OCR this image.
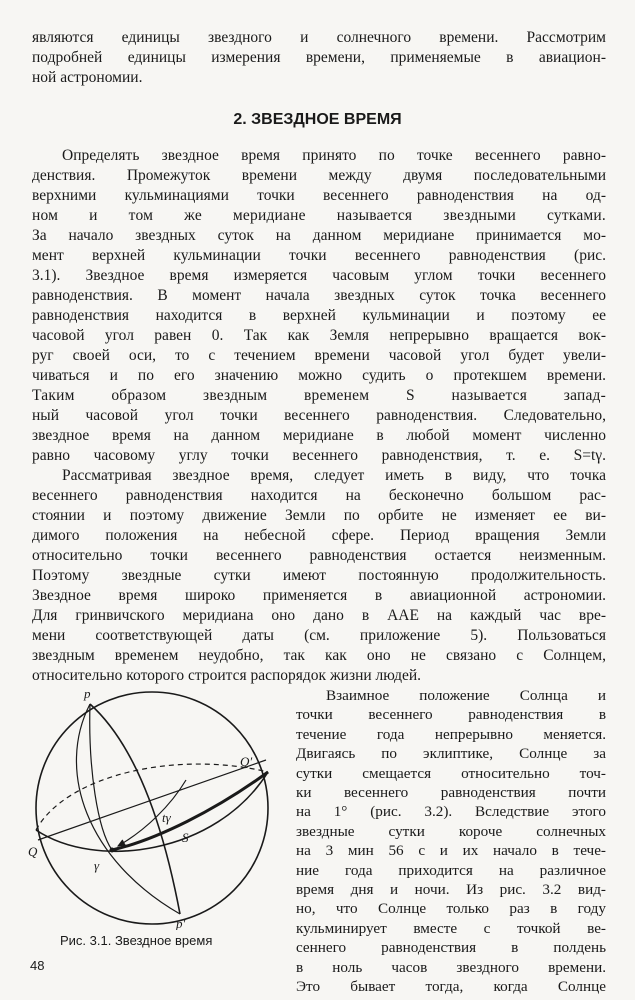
являются единицы звездного и солнечного времени. Рассмотрим
подробней единицы измерения времени, применяемые в авиацион-
ной астрономии.
2. ЗВЕЗДНОЕ ВРЕМЯ
Определять звездное время принято по точке весеннего равно-
денствия. Промежуток времени между двумя последовательными
верхними кульминациями точки весеннего равноденствия на од-
ном и том же меридиане называется звездными сутками.
За начало звездных суток на данном меридиане принимается мо-
мент верхней кульминации точки весеннего равноденствия (рис.
3.1). Звездное время измеряется часовым углом точки весеннего
равноденствия. В момент начала звездных суток точка весеннего
равноденствия находится в верхней кульминации и поэтому ее
часовой угол равен 0. Так как Земля непрерывно вращается вок-
руг своей оси, то с течением времени часовой угол будет увели-
чиваться и по его значению можно судить о протекшем времени.
Таким образом звездным временем S называется запад-
ный часовой угол точки весеннего равноденствия. Следовательно,
звездное время на данном меридиане в любой момент численно
равно часовому углу точки весеннего равноденствия, т. е. S=tγ.
Рассматривая звездное время, следует иметь в виду, что точка
весеннего равноденствия находится на бесконечно большом рас-
стоянии и поэтому движение Земли по орбите не изменяет ее ви-
димого положения на небесной сфере. Период вращения Земли
относительно точки весеннего равноденствия остается неизменным.
Поэтому звездные сутки имеют постоянную продолжительность.
Звездное время широко применяется в авиационной астрономии.
Для гринвичского меридиана оно дано в ААЕ на каждый час вре-
мени соответствующей даты (см. приложение 5). Пользоваться
звездным временем неудобно, так как оно не связано с Солнцем,
относительно которого строится распорядок жизни людей.
Взаимное положение Солнца и
точки весеннего равноденствия в
течение года непрерывно меняется.
Двигаясь по эклиптике, Солнце за
сутки смещается относительно точ-
ки весеннего равноденствия почти
на 1° (рис. 3.2). Вследствие этого
звездные сутки короче солнечных
на 3 мин 56 с и их начало в тече-
ние года приходится на различное
время дня и ночи. Из рис. 3.2 вид-
но, что Солнце только раз в году
кульминирует вместе с точкой ве-
сеннего равноденствия в полдень
в ноль часов звездного времени.
Это бывает тогда, когда Солнце
p
p′
Q
Q′
tγ
S
γ
Рис. 3.1. Звездное время
48
